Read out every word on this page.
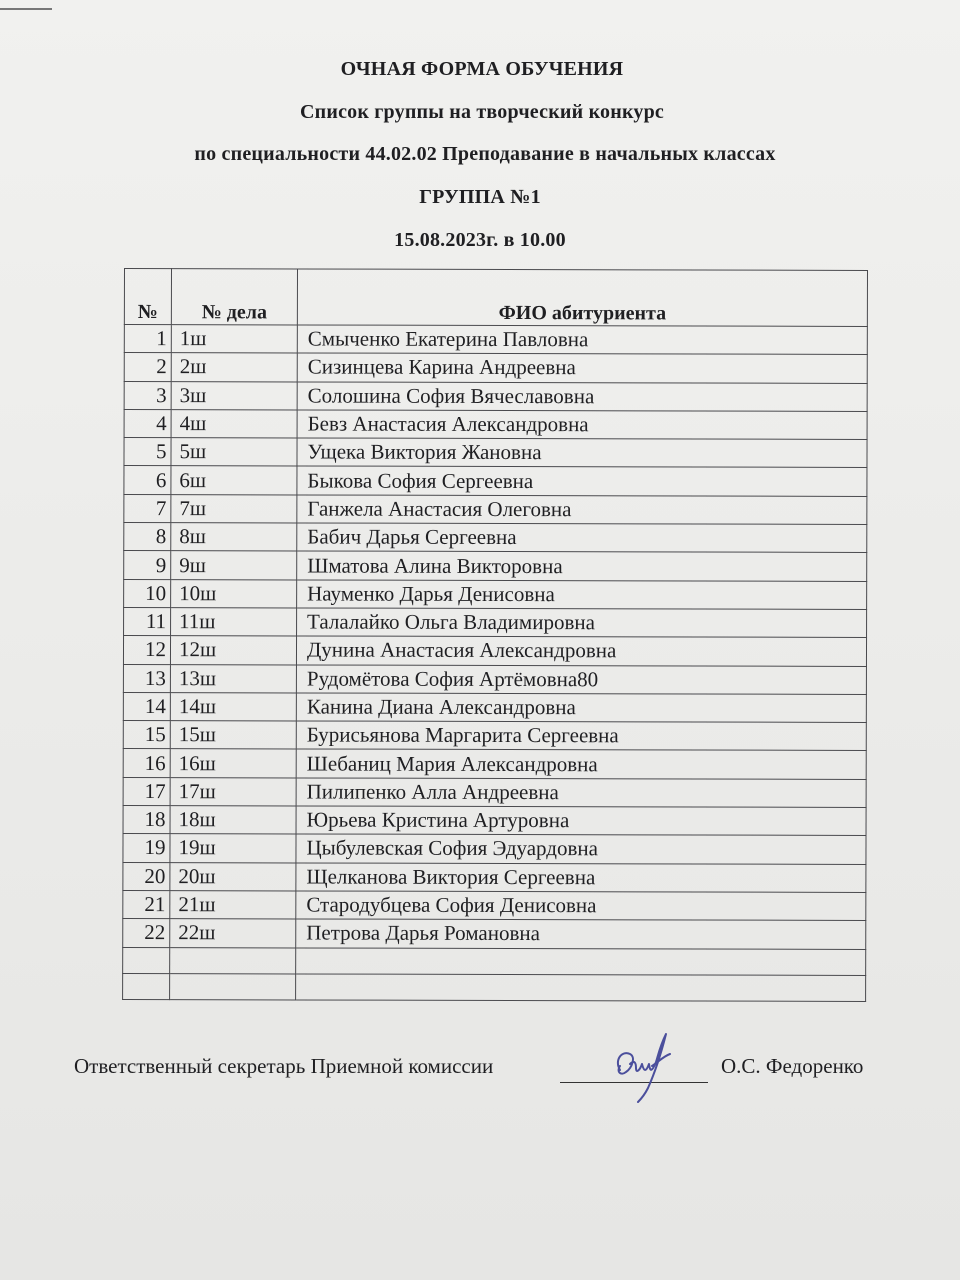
ОЧНАЯ ФОРМА ОБУЧЕНИЯ
Список группы на творческий конкурс
по специальности 44.02.02 Преподавание в начальных классах
ГРУППА №1
15.08.2023г. в 10.00
№	№ дела	ФИО абитуриента
1	1ш	Смыченко Екатерина Павловна
2	2ш	Сизинцева Карина Андреевна
3	3ш	Солошина София Вячеславовна
4	4ш	Бевз Анастасия Александровна
5	5ш	Ущека Виктория Жановна
6	6ш	Быкова София Сергеевна
7	7ш	Ганжела Анастасия Олеговна
8	8ш	Бабич Дарья Сергеевна
9	9ш	Шматова Алина Викторовна
10	10ш	Науменко Дарья Денисовна
11	11ш	Талалайко Ольга Владимировна
12	12ш	Дунина Анастасия Александровна
13	13ш	Рудомётова София Артёмовна80
14	14ш	Канина Диана Александровна
15	15ш	Бурисьянова Маргарита Сергеевна
16	16ш	Шебаниц Мария Александровна
17	17ш	Пилипенко Алла Андреевна
18	18ш	Юрьева Кристина Артуровна
19	19ш	Цыбулевская София Эдуардовна
20	20ш	Щелканова Виктория Сергеевна
21	21ш	Стародубцева София Денисовна
22	22ш	Петрова Дарья Романовна

Ответственный секретарь Приемной комиссии	О.С. Федоренко
